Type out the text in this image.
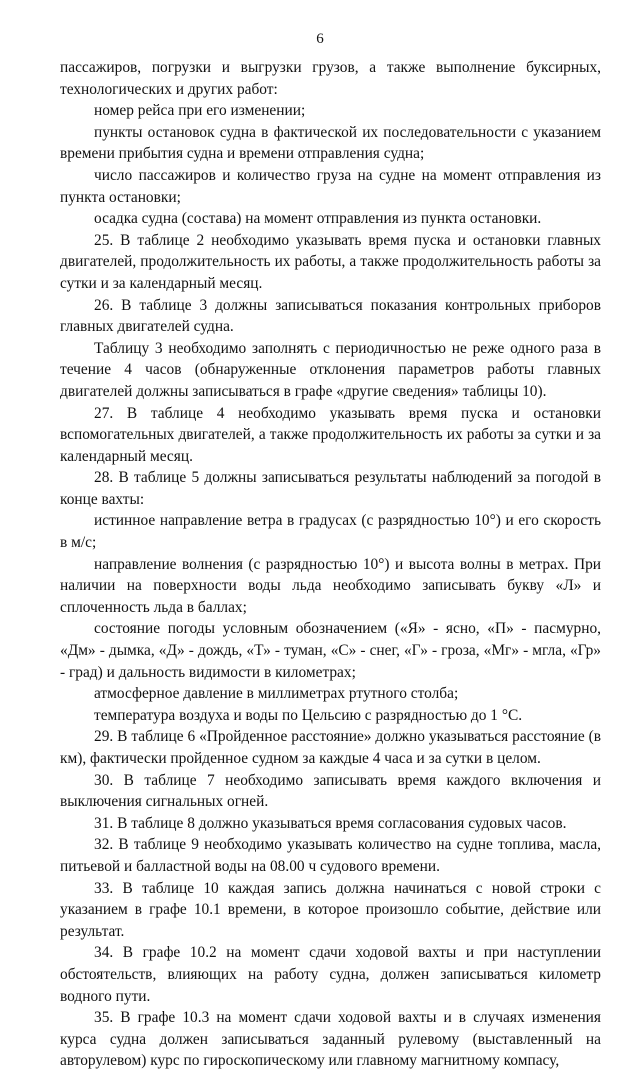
6

пассажиров, погрузки и выгрузки грузов, а также выполнение буксирных, технологических и других работ:

номер рейса при его изменении;

пункты остановок судна в фактической их последовательности с указанием времени прибытия судна и времени отправления судна;

число пассажиров и количество груза на судне на момент отправления из пункта остановки;

осадка судна (состава) на момент отправления из пункта остановки.

25. В таблице 2 необходимо указывать время пуска и остановки главных двигателей, продолжительность их работы, а также продолжительность работы за сутки и за календарный месяц.

26. В таблице 3 должны записываться показания контрольных приборов главных двигателей судна.

Таблицу 3 необходимо заполнять с периодичностью не реже одного раза в течение 4 часов (обнаруженные отклонения параметров работы главных двигателей должны записываться в графе «другие сведения» таблицы 10).

27. В таблице 4 необходимо указывать время пуска и остановки вспомогательных двигателей, а также продолжительность их работы за сутки и за календарный месяц.

28. В таблице 5 должны записываться результаты наблюдений за погодой в конце вахты:

истинное направление ветра в градусах (с разрядностью 10°) и его скорость в м/с;

направление волнения (с разрядностью 10°) и высота волны в метрах. При наличии на поверхности воды льда необходимо записывать букву «Л» и сплоченность льда в баллах;

состояние погоды условным обозначением («Я» - ясно, «П» - пасмурно, «Дм» - дымка, «Д» - дождь, «Т» - туман, «С» - снег, «Г» - гроза, «Мг» - мгла, «Гр» - град) и дальность видимости в километрах;

атмосферное давление в миллиметрах ртутного столба;

температура воздуха и воды по Цельсию с разрядностью до 1 °С.

29. В таблице 6 «Пройденное расстояние» должно указываться расстояние (в км), фактически пройденное судном за каждые 4 часа и за сутки в целом.

30. В таблице 7 необходимо записывать время каждого включения и выключения сигнальных огней.

31. В таблице 8 должно указываться время согласования судовых часов.

32. В таблице 9 необходимо указывать количество на судне топлива, масла, питьевой и балластной воды на 08.00 ч судового времени.

33. В таблице 10 каждая запись должна начинаться с новой строки с указанием в графе 10.1 времени, в которое произошло событие, действие или результат.

34. В графе 10.2 на момент сдачи ходовой вахты и при наступлении обстоятельств, влияющих на работу судна, должен записываться километр водного пути.

35. В графе 10.3 на момент сдачи ходовой вахты и в случаях изменения курса судна должен записываться заданный рулевому (выставленный на авторулевом) курс по гироскопическому или главному магнитному компасу,
